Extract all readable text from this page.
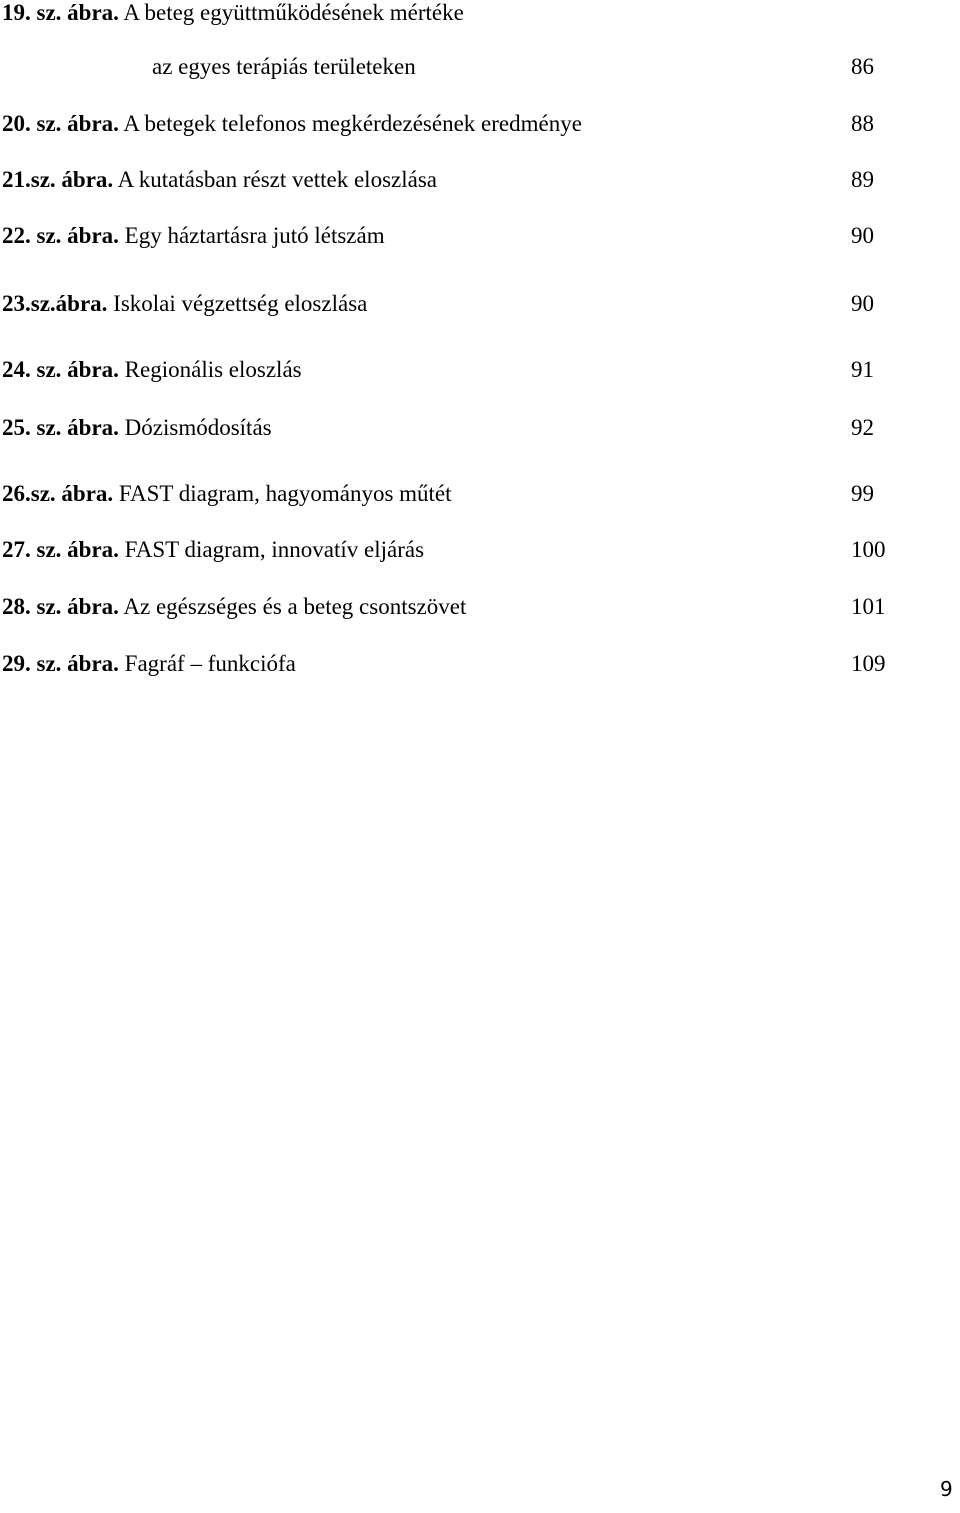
19. sz. ábra. A beteg együttműködésének mértéke
az egyes terápiás területeken	86
20. sz. ábra. A betegek telefonos megkérdezésének eredménye	88
21.sz. ábra. A kutatásban részt vettek eloszlása	89
22. sz. ábra. Egy háztartásra jutó létszám	90
23.sz.ábra. Iskolai végzettség eloszlása	90
24. sz. ábra. Regionális eloszlás	91
25. sz. ábra. Dózismódosítás	92
26.sz. ábra. FAST diagram, hagyományos műtét	99
27. sz. ábra. FAST diagram, innovatív eljárás	100
28. sz. ábra. Az egészséges és a beteg csontszövet	101
29. sz. ábra. Fagráf – funkciófa	109
9
